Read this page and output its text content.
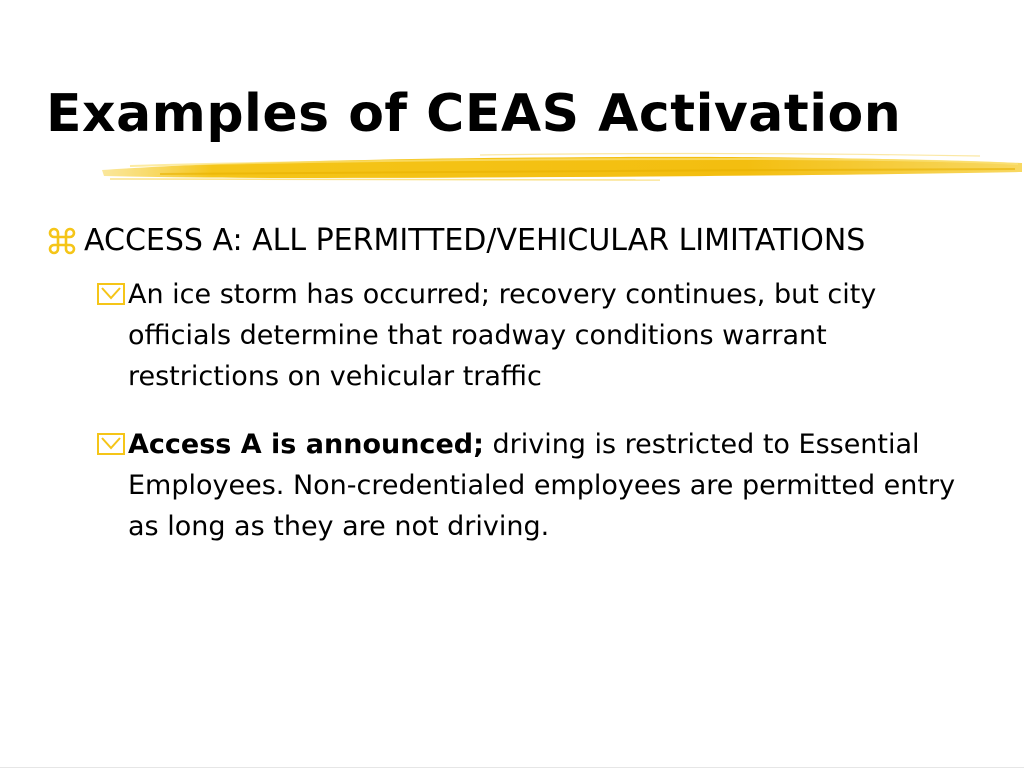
Examples of CEAS Activation

ACCESS A: ALL PERMITTED/VEHICULAR LIMITATIONS

An ice storm has occurred; recovery continues, but city officials determine that roadway conditions warrant restrictions on vehicular traffic

Access A is announced; driving is restricted to Essential Employees. Non-credentialed employees are permitted entry as long as they are not driving.
